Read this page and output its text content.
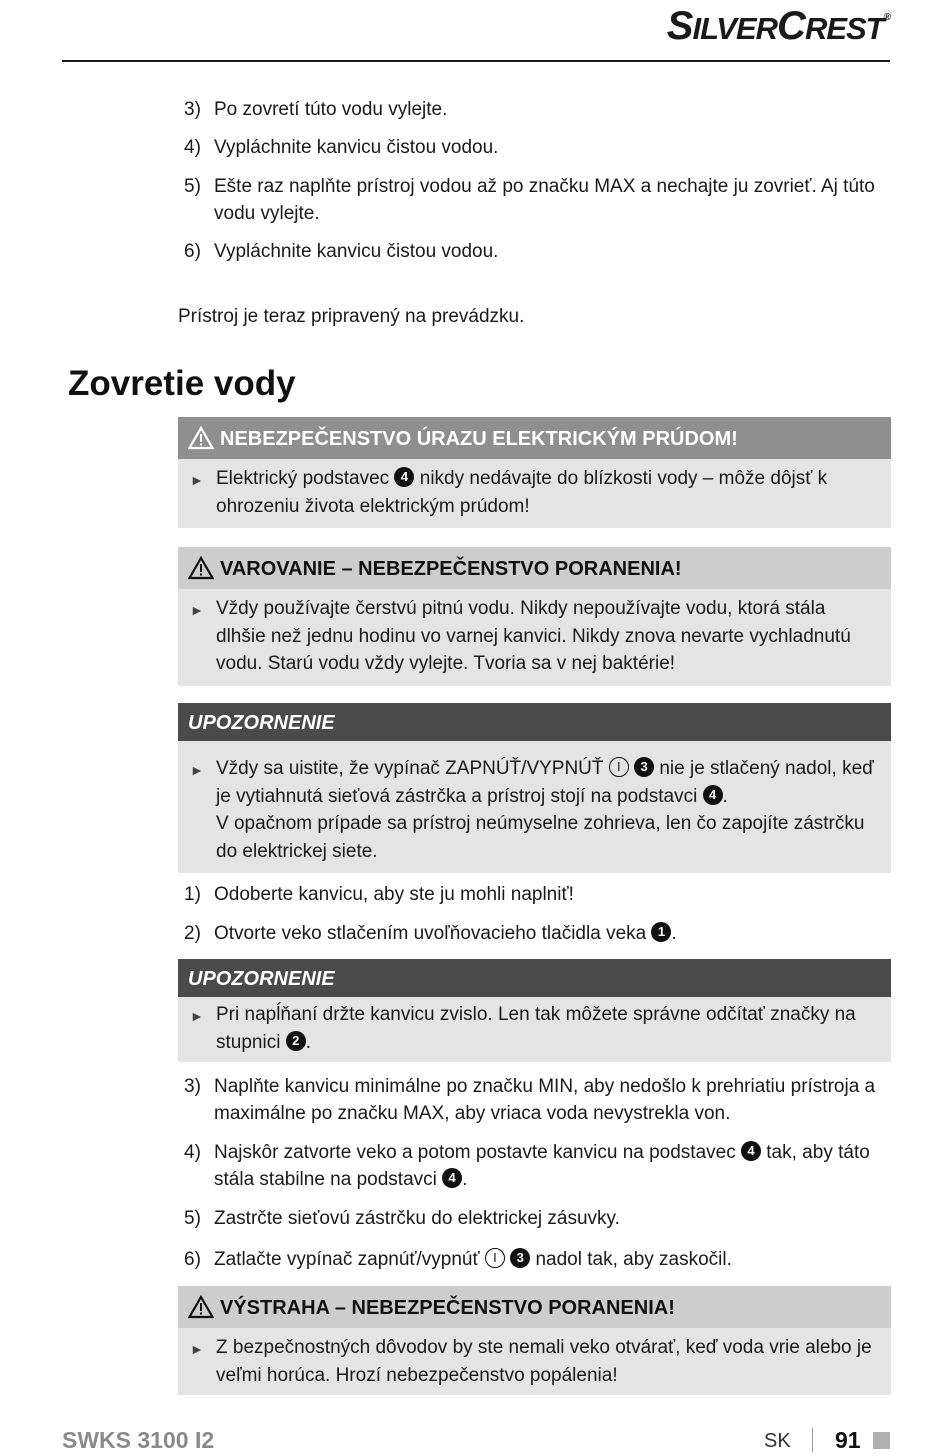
SILVERCREST®
3) Po zovretí túto vodu vylejte.
4) Vypláchnite kanvicu čistou vodou.
5) Ešte raz naplňte prístroj vodou až po značku MAX a nechajte ju zovrieť. Aj túto vodu vylejte.
6) Vypláchnite kanvicu čistou vodou.
Prístroj je teraz pripravený na prevádzku.
Zovretie vody
NEBEZPEČENSTVO ÚRAZU ELEKTRICKÝM PRÚDOM!
► Elektrický podstavec 4 nikdy nedávajte do blízkosti vody – môže dôjsť k ohrozeniu života elektrickým prúdom!
VAROVANIE – NEBEZPEČENSTVO PORANENIA!
► Vždy používajte čerstvú pitnú vodu. Nikdy nepoužívajte vodu, ktorá stála dlhšie než jednu hodinu vo varnej kanvici. Nikdy znova nevarte vychladnutú vodu. Starú vodu vždy vylejte. Tvoria sa v nej baktérie!
UPOZORNENIE
► Vždy sa uistite, že vypínač ZAPNÚŤ/VYPNÚŤ I 3 nie je stlačený nadol, keď je vytiahnutá sieťová zástrčka a prístroj stojí na podstavci 4 .
V opačnom prípade sa prístroj neúmyselne zohrieva, len čo zapojíte zástrčku do elektrickej siete.
1) Odoberte kanvicu, aby ste ju mohli naplniť!
2) Otvorte veko stlačením uvoľňovacieho tlačidla veka 1 .
UPOZORNENIE
► Pri napĺňaní držte kanvicu zvislo. Len tak môžete správne odčítať značky na stupnici 2 .
3) Naplňte kanvicu minimálne po značku MIN, aby nedošlo k prehriatiu prístroja a maximálne po značku MAX, aby vriaca voda nevystrekla von.
4) Najskôr zatvorte veko a potom postavte kanvicu na podstavec 4 tak, aby táto stála stabilne na podstavci 4 .
5) Zastrčte sieťovú zástrčku do elektrickej zásuvky.
6) Zatlačte vypínač zapnúť/vypnúť I 3 nadol tak, aby zaskočil.
VÝSTRAHA – NEBEZPEČENSTVO PORANENIA!
► Z bezpečnostných dôvodov by ste nemali veko otvárať, keď voda vrie alebo je veľmi horúca. Hrozí nebezpečenstvo popálenia!
SWKS 3100 I2	SK 91
